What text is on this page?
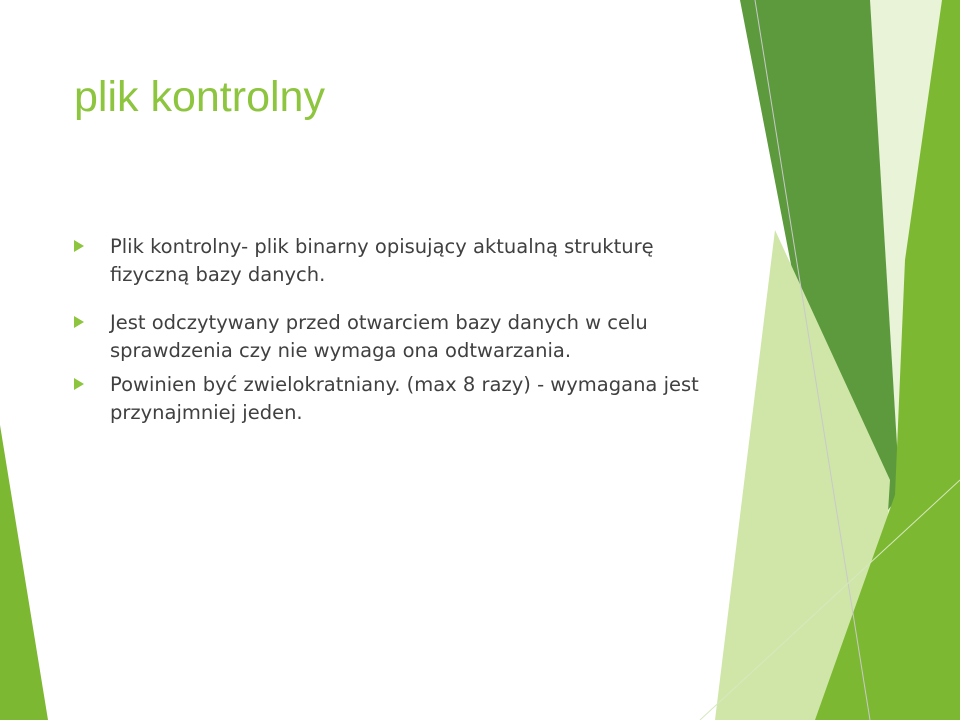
plik kontrolny
Plik kontrolny- plik binarny opisujący aktualną strukturę fizyczną bazy danych.
Jest odczytywany przed otwarciem bazy danych w celu sprawdzenia czy nie wymaga ona odtwarzania.
Powinien być zwielokratniany. (max 8 razy) - wymagana jest przynajmniej jeden.
